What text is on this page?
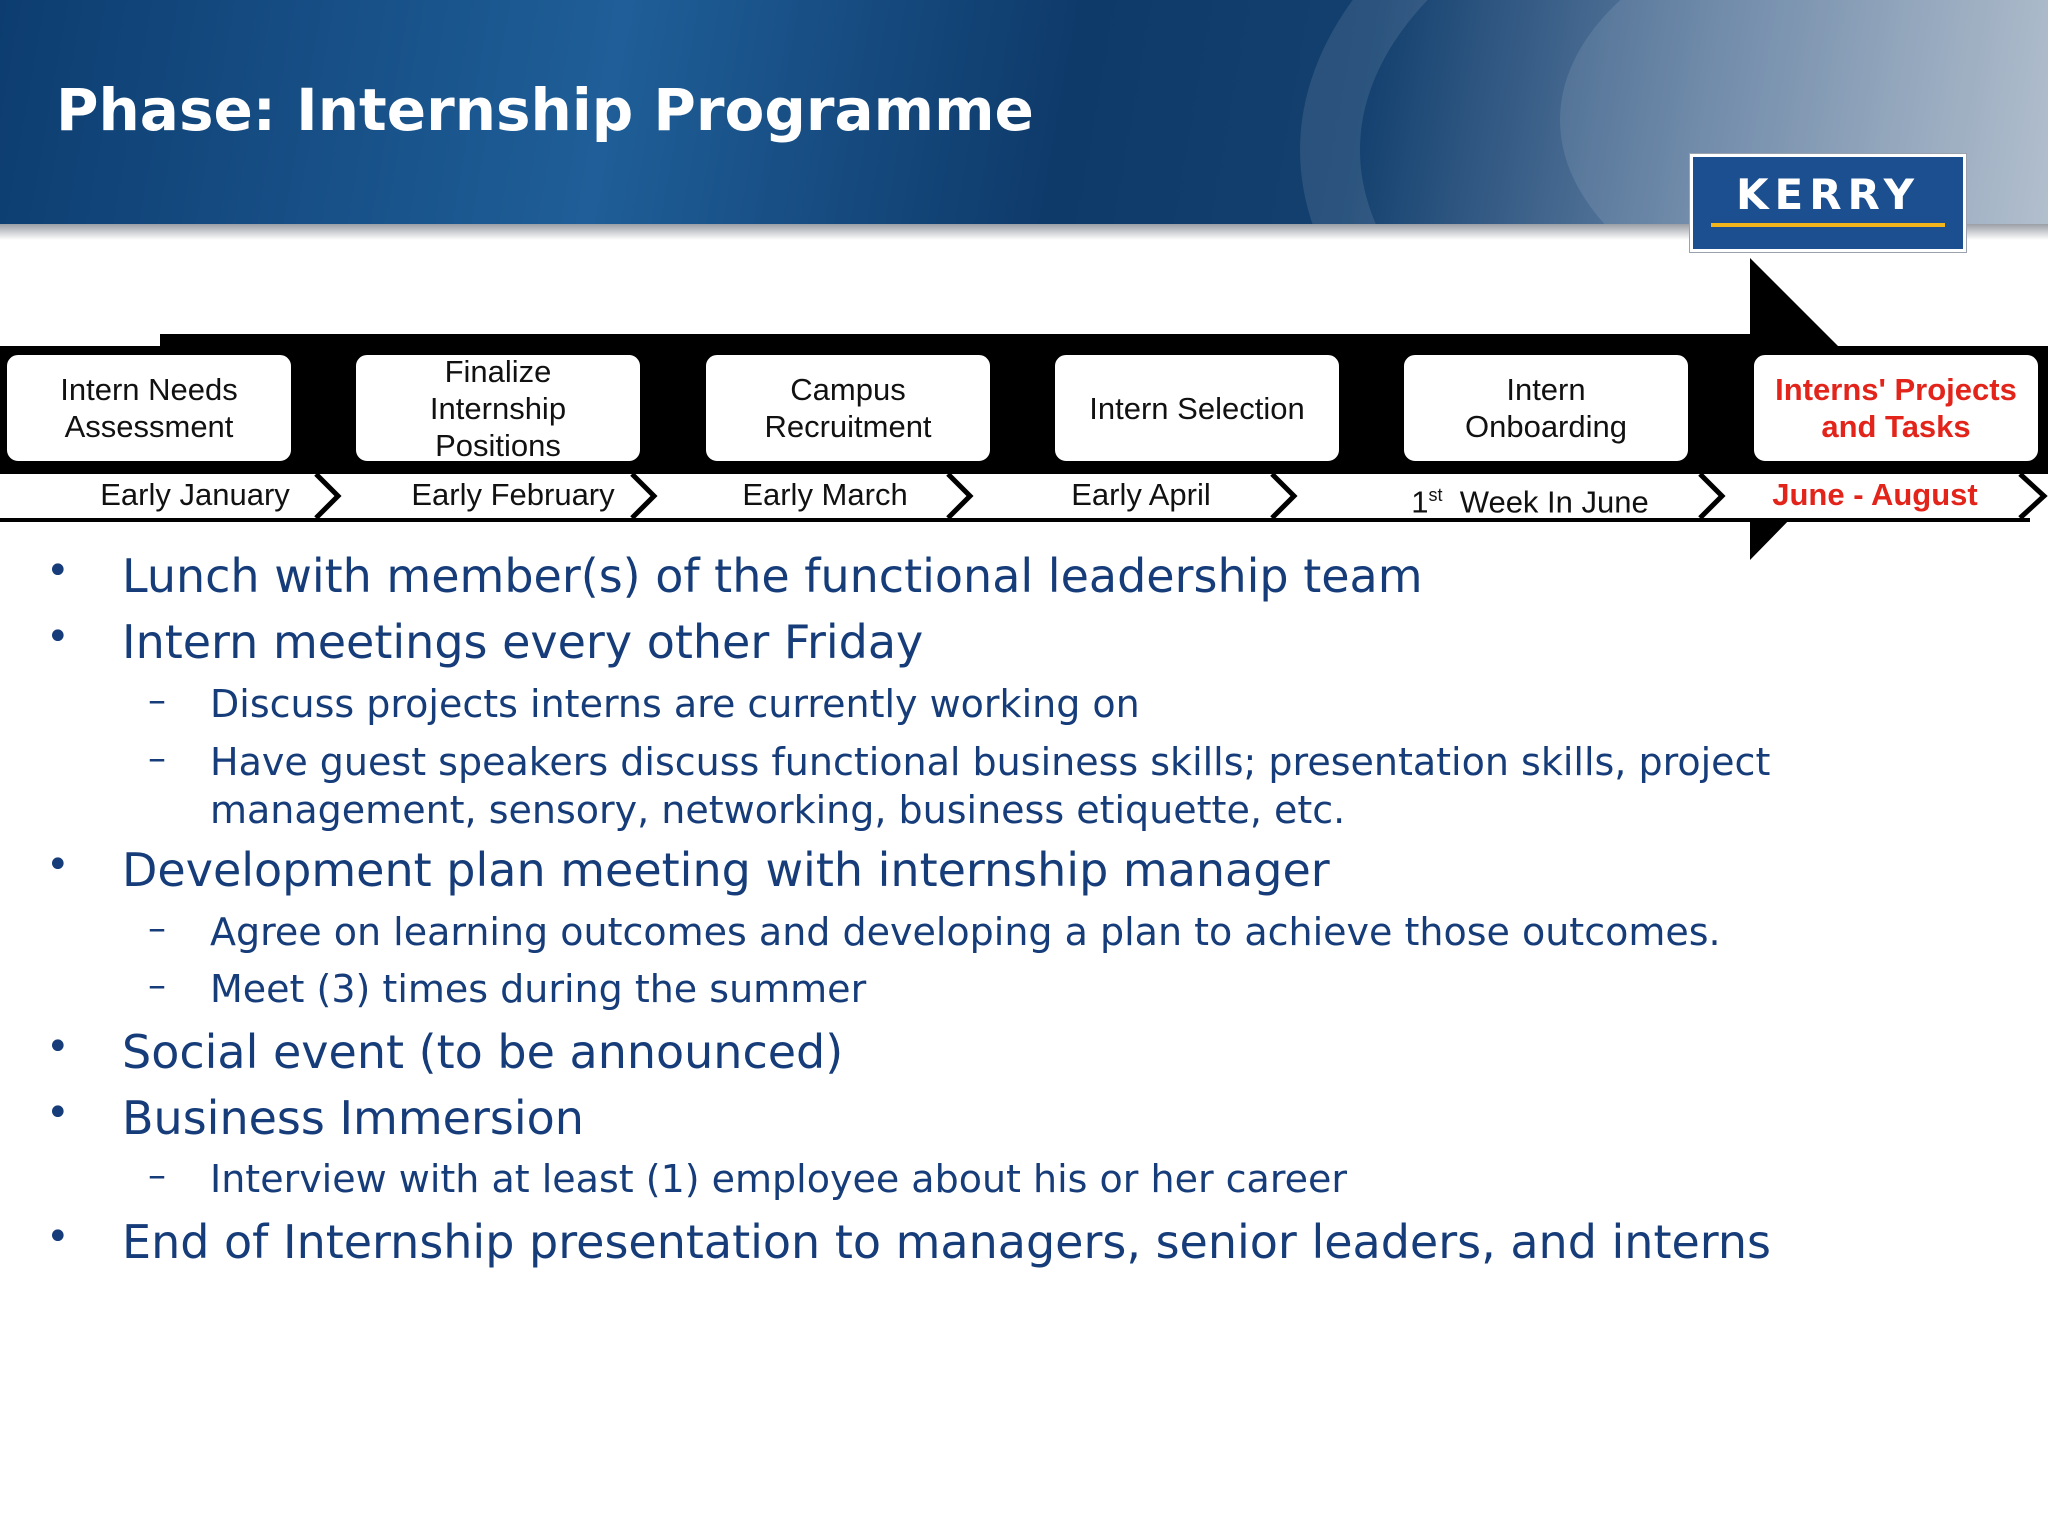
Phase: Internship Programme
KERRY
Intern Needs
Assessment
Finalize
Internship
Positions
Campus
Recruitment
Intern Selection
Intern
Onboarding
Interns' Projects
and Tasks
Early January	Early February	Early March	Early April	1st Week In June	June - August
• Lunch with member(s) of the functional leadership team
• Intern meetings every other Friday
– Discuss projects interns are currently working on
– Have guest speakers discuss functional business skills; presentation skills, project
management, sensory, networking, business etiquette, etc.
• Development plan meeting with internship manager
– Agree on learning outcomes and developing a plan to achieve those outcomes.
– Meet (3) times during the summer
• Social event (to be announced)
• Business Immersion
– Interview with at least (1) employee about his or her career
• End of Internship presentation to managers, senior leaders, and interns
